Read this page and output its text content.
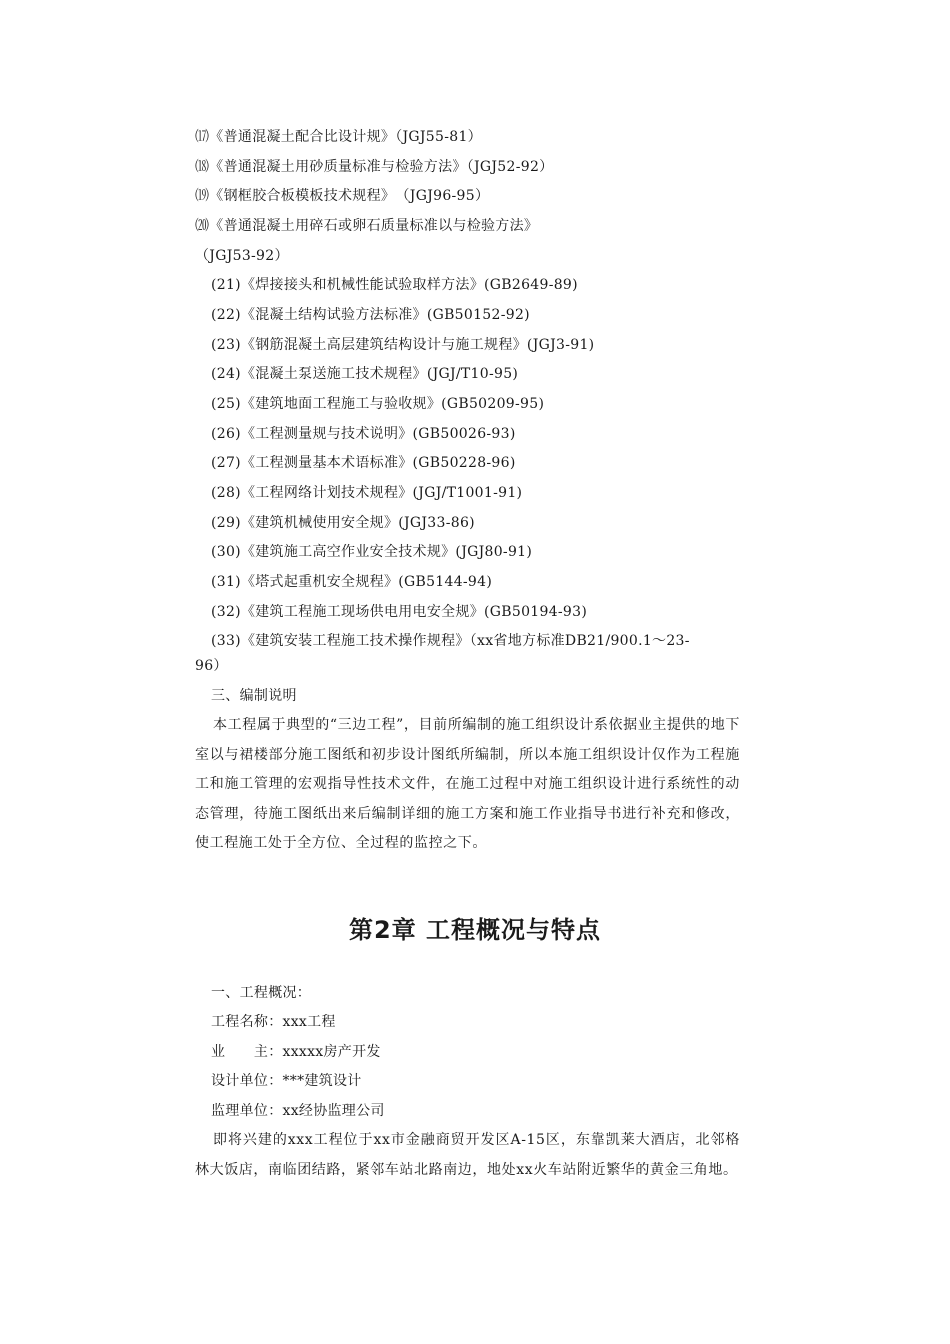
⒄《普通混凝土配合比设计规》（JGJ55-81）
⒅《普通混凝土用砂质量标准与检验方法》（JGJ52-92）
⒆《钢框胶合板模板技术规程》　（JGJ96-95）
⒇《普通混凝土用碎石或卵石质量标准以与检验方法》
（JGJ53-92）
(21)《焊接接头和机械性能试验取样方法》(GB2649-89)
(22)《混凝土结构试验方法标准》(GB50152-92)
(23)《钢筋混凝土高层建筑结构设计与施工规程》(JGJ3-91)
(24)《混凝土泵送施工技术规程》(JGJ/T10-95)
(25)《建筑地面工程施工与验收规》(GB50209-95)
(26)《工程测量规与技术说明》(GB50026-93)
(27)《工程测量基本术语标准》(GB50228-96)
(28)《工程网络计划技术规程》(JGJ/T1001-91)
(29)《建筑机械使用安全规》(JGJ33-86)
(30)《建筑施工高空作业安全技术规》(JGJ80-91)
(31)《塔式起重机安全规程》(GB5144-94)
(32)《建筑工程施工现场供电用电安全规》(GB50194-93)
(33)《建筑安装工程施工技术操作规程》（xx省地方标准DB21/900.1～23-
96）
三、编制说明
本工程属于典型的“三边工程”，目前所编制的施工组织设计系依据业主提供的地下室以与裙楼部分施工图纸和初步设计图纸所编制，所以本施工组织设计仅作为工程施工和施工管理的宏观指导性技术文件，在施工过程中对施工组织设计进行系统性的动态管理，待施工图纸出来后编制详细的施工方案和施工作业指导书进行补充和修改，使工程施工处于全方位、全过程的监控之下。
第2章 工程概况与特点
一、工程概况：
工程名称：xxx工程
业　　主：xxxxx房产开发
设计单位：***建筑设计
监理单位：xx经协监理公司
即将兴建的xxx工程位于xx市金融商贸开发区A-15区，东靠凯莱大酒店，北邻格林大饭店，南临团结路，紧邻车站北路南边，地处xx火车站附近繁华的黄金三角地。
